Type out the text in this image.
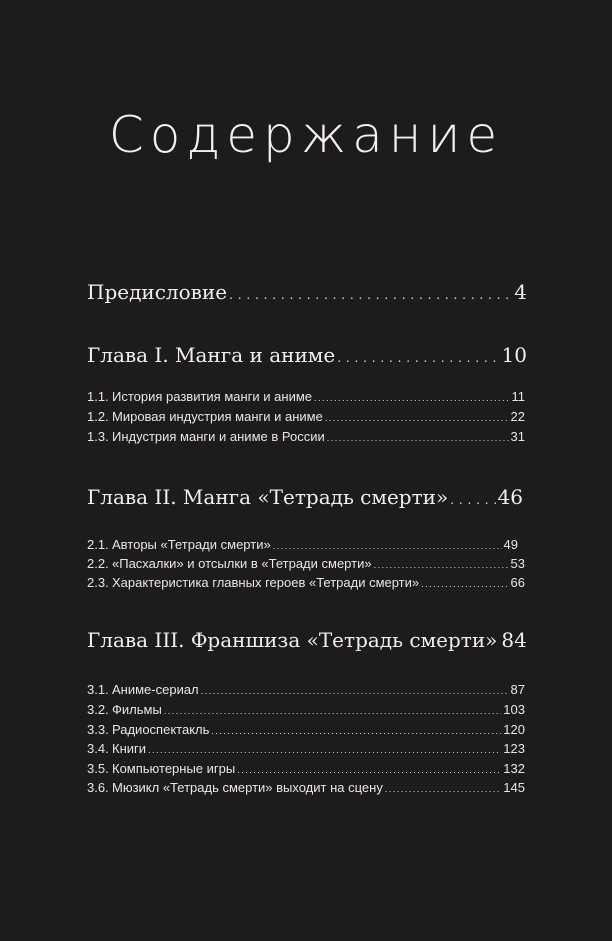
Содержание
Предисловие . . .	4
Глава I. Манга и аниме . . .	10
1.1. История развития манги и аниме . . .	11
1.2. Мировая индустрия манги и аниме . . .	22
1.3. Индустрия манги и аниме в России . . .	31
Глава II. Манга «Тетрадь смерти» . . . 46
2.1. Авторы «Тетради смерти» . . .	49
2.2. «Пасхалки» и отсылки в «Тетради смерти» . . .	53
2.3. Характеристика главных героев «Тетради смерти» . . .	66
Глава III. Франшиза «Тетрадь смерти» 84
3.1. Аниме-сериал . . .	87
3.2. Фильмы . . .	103
3.3. Радиоспектакль . . .	120
3.4. Книги . . .	123
3.5. Компьютерные игры . . .	132
3.6. Мюзикл «Тетрадь смерти» выходит на сцену . . .	145
